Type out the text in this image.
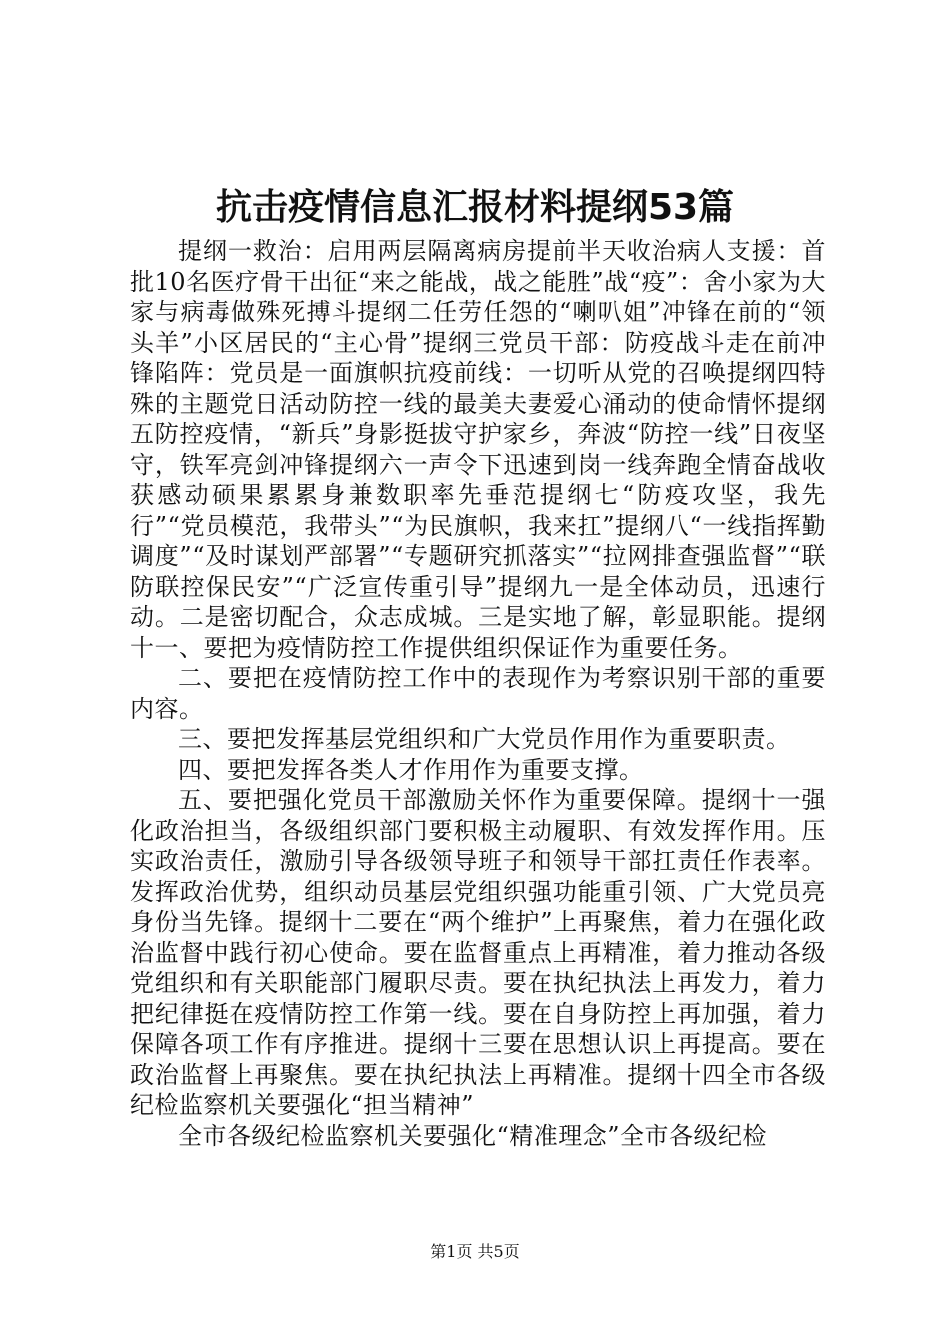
抗击疫情信息汇报材料提纲53篇

提纲一救治：启用两层隔离病房提前半天收治病人支援：首批10名医疗骨干出征“来之能战，战之能胜”战“疫”：舍小家为大家与病毒做殊死搏斗提纲二任劳任怨的“喇叭姐”冲锋在前的“领头羊”小区居民的“主心骨”提纲三党员干部：防疫战斗走在前冲锋陷阵：党员是一面旗帜抗疫前线：一切听从党的召唤提纲四特殊的主题党日活动防控一线的最美夫妻爱心涌动的使命情怀提纲五防控疫情，“新兵”身影挺拔守护家乡，奔波“防控一线”日夜坚守，铁军亮剑冲锋提纲六一声令下迅速到岗一线奔跑全情奋战收获感动硕果累累身兼数职率先垂范提纲七“防疫攻坚，我先行”“党员模范，我带头”“为民旗帜，我来扛”提纲八“一线指挥勤调度”“及时谋划严部署”“专题研究抓落实”“拉网排查强监督”“联防联控保民安”“广泛宣传重引导”提纲九一是全体动员，迅速行动。二是密切配合，众志成城。三是实地了解，彰显职能。提纲十一、要把为疫情防控工作提供组织保证作为重要任务。

二、要把在疫情防控工作中的表现作为考察识别干部的重要内容。

三、要把发挥基层党组织和广大党员作用作为重要职责。

四、要把发挥各类人才作用作为重要支撑。

五、要把强化党员干部激励关怀作为重要保障。提纲十一强化政治担当，各级组织部门要积极主动履职、有效发挥作用。压实政治责任，激励引导各级领导班子和领导干部扛责任作表率。发挥政治优势，组织动员基层党组织强功能重引领、广大党员亮身份当先锋。提纲十二要在“两个维护”上再聚焦，着力在强化政治监督中践行初心使命。要在监督重点上再精准，着力推动各级党组织和有关职能部门履职尽责。要在执纪执法上再发力，着力把纪律挺在疫情防控工作第一线。要在自身防控上再加强，着力保障各项工作有序推进。提纲十三要在思想认识上再提高。要在政治监督上再聚焦。要在执纪执法上再精准。提纲十四全市各级纪检监察机关要强化“担当精神”

全市各级纪检监察机关要强化“精准理念”全市各级纪检

第1页 共5页
